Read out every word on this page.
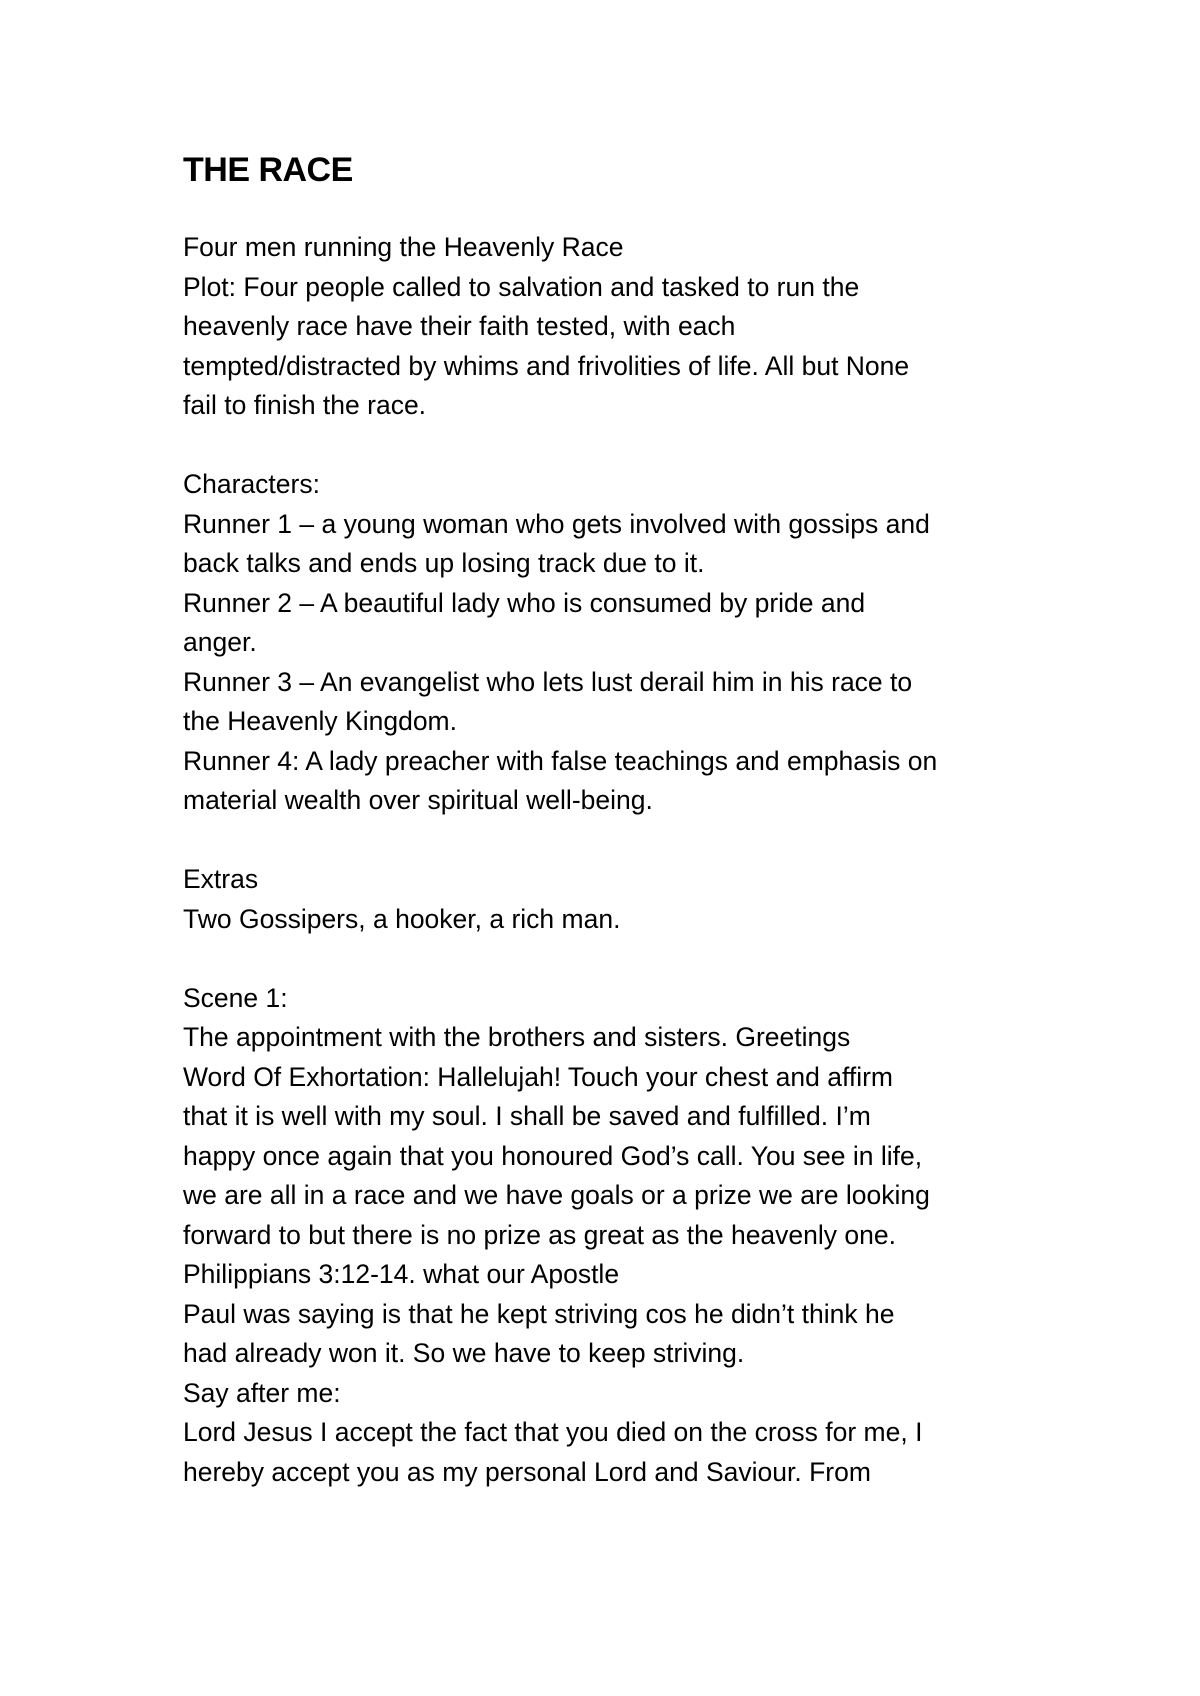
THE RACE
Four men running the Heavenly Race
Plot: Four people called to salvation and tasked to run the
heavenly race have their faith tested, with each
tempted/distracted by whims and frivolities of life. All but None
fail to finish the race.
Characters:
Runner 1 – a young woman who gets involved with gossips and
back talks and ends up losing track due to it.
Runner 2 – A beautiful lady who is consumed by pride and
anger.
Runner 3 – An evangelist who lets lust derail him in his race to
the Heavenly Kingdom.
Runner 4: A lady preacher with false teachings and emphasis on
material wealth over spiritual well-being.
Extras
Two Gossipers, a hooker, a rich man.
Scene 1:
The appointment with the brothers and sisters. Greetings
Word Of Exhortation: Hallelujah! Touch your chest and affirm
that it is well with my soul. I shall be saved and fulfilled. I’m
happy once again that you honoured God’s call. You see in life,
we are all in a race and we have goals or a prize we are looking
forward to but there is no prize as great as the heavenly one.
Philippians 3:12-14. what our Apostle
Paul was saying is that he kept striving cos he didn’t think he
had already won it. So we have to keep striving.
Say after me:
Lord Jesus I accept the fact that you died on the cross for me, I
hereby accept you as my personal Lord and Saviour. From
